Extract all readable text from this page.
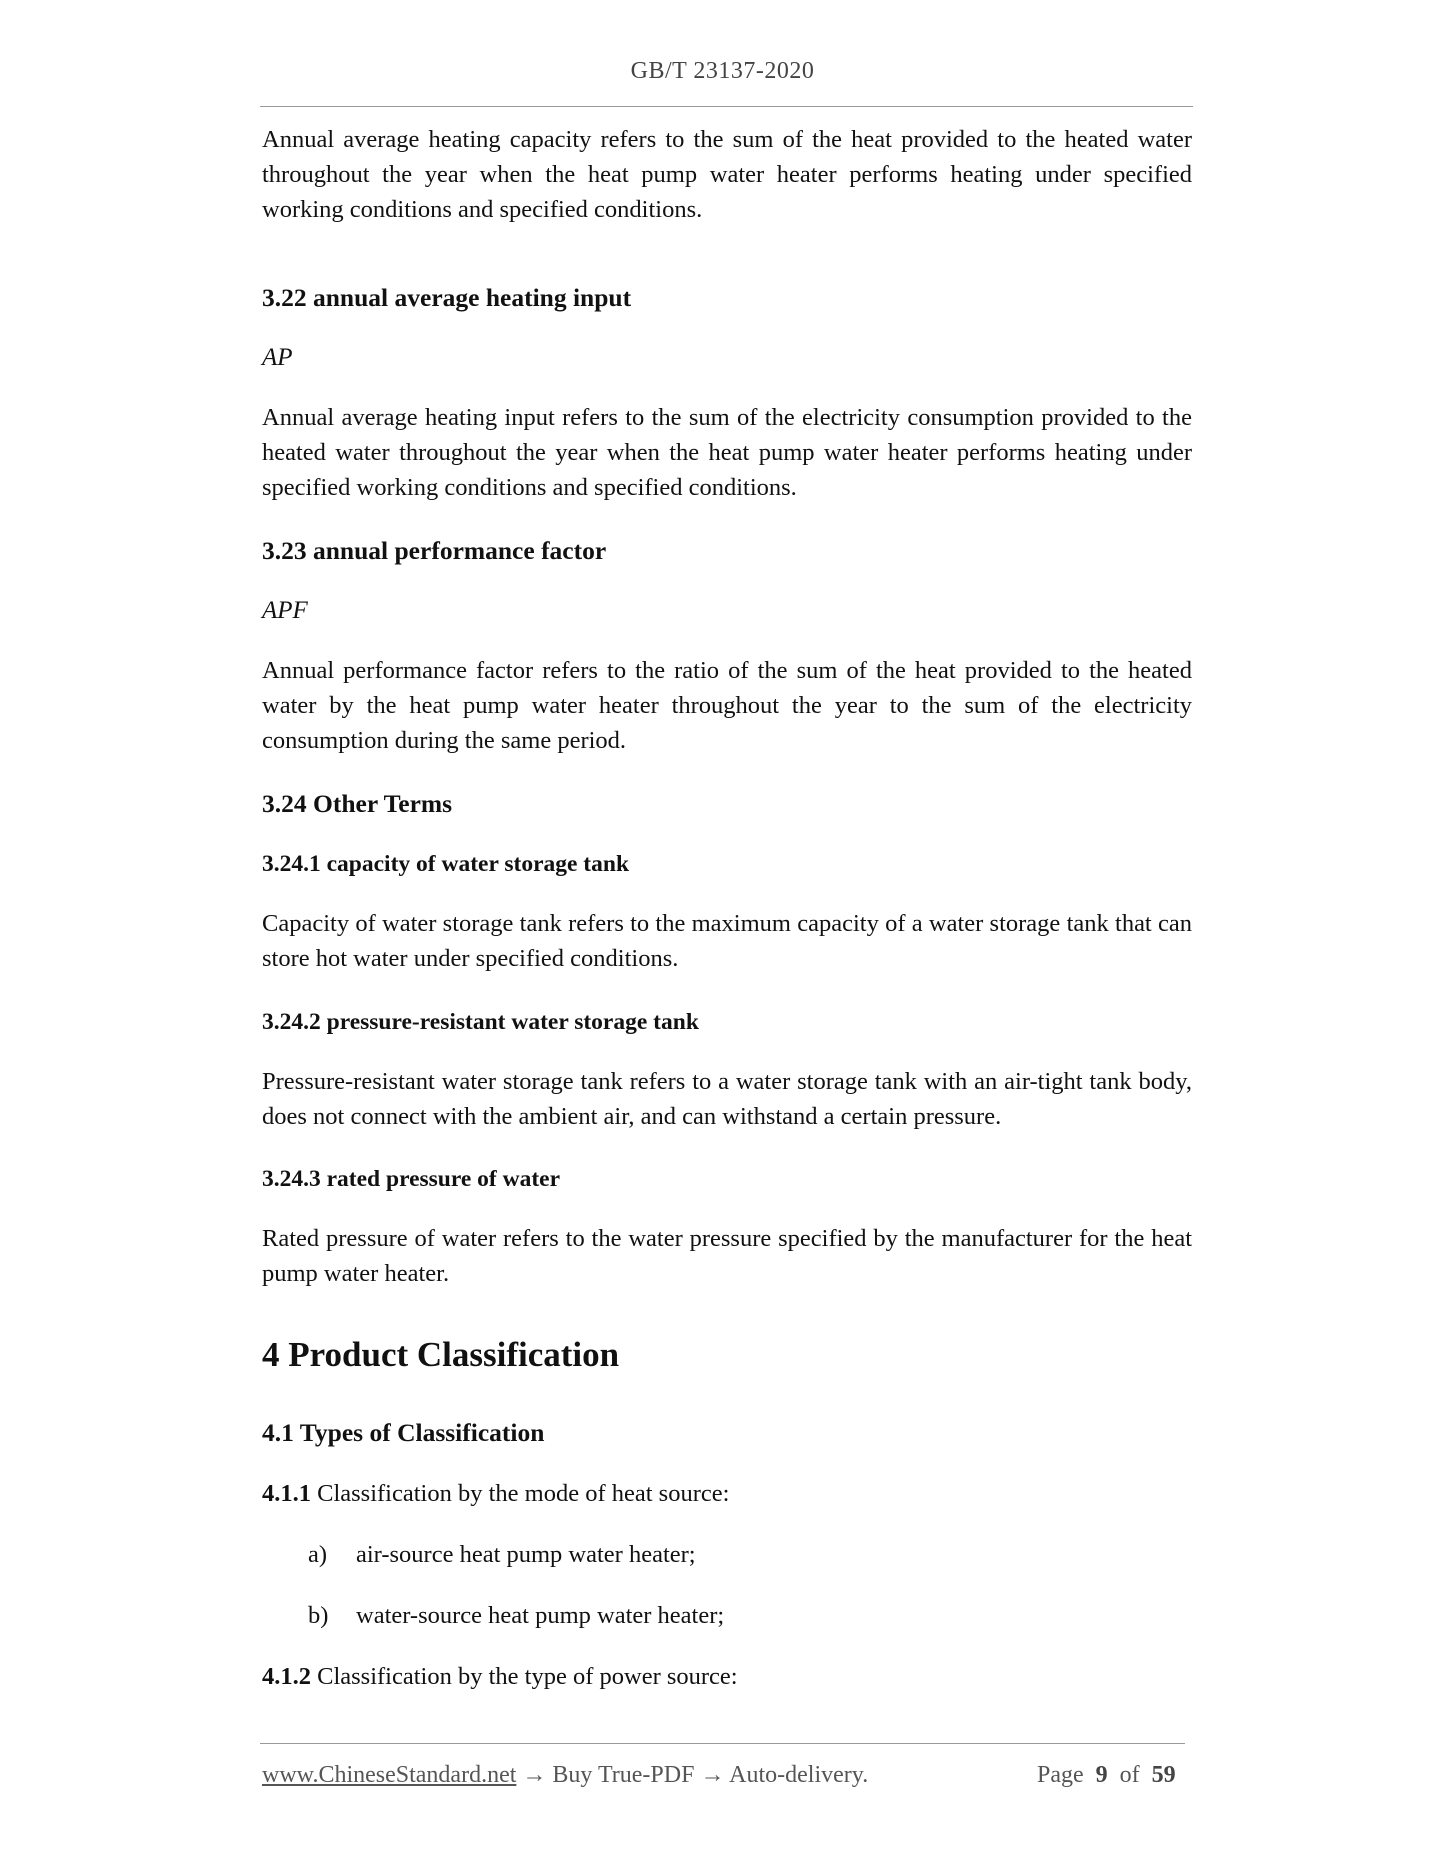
GB/T 23137-2020

Annual average heating capacity refers to the sum of the heat provided to the heated water throughout the year when the heat pump water heater performs heating under specified working conditions and specified conditions.

3.22 annual average heating input
AP

Annual average heating input refers to the sum of the electricity consumption provided to the heated water throughout the year when the heat pump water heater performs heating under specified working conditions and specified conditions.

3.23 annual performance factor
APF

Annual performance factor refers to the ratio of the sum of the heat provided to the heated water by the heat pump water heater throughout the year to the sum of the electricity consumption during the same period.

3.24 Other Terms
3.24.1 capacity of water storage tank

Capacity of water storage tank refers to the maximum capacity of a water storage tank that can store hot water under specified conditions.

3.24.2 pressure-resistant water storage tank

Pressure-resistant water storage tank refers to a water storage tank with an air-tight tank body, does not connect with the ambient air, and can withstand a certain pressure.

3.24.3 rated pressure of water

Rated pressure of water refers to the water pressure specified by the manufacturer for the heat pump water heater.

4 Product Classification
4.1 Types of Classification
4.1.1 Classification by the mode of heat source:
a) air-source heat pump water heater;
b) water-source heat pump water heater;
4.1.2 Classification by the type of power source:
www.ChineseStandard.net → Buy True-PDF → Auto-delivery.	Page 9 of 59
